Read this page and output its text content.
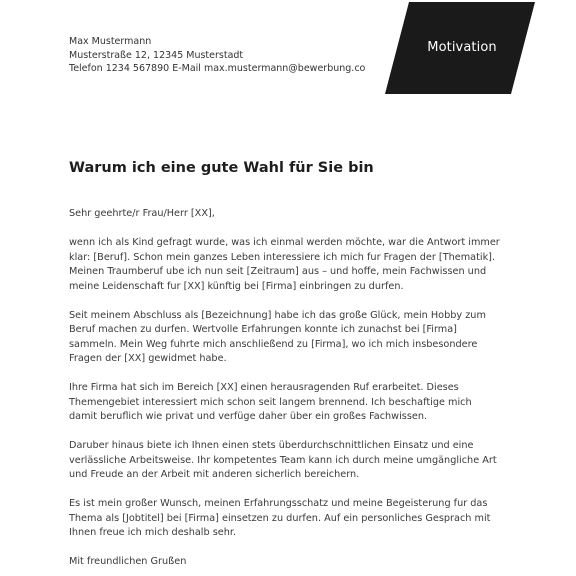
Max Mustermann
Musterstraße 12, 12345 Musterstadt
Telefon 1234 567890 E-Mail max.mustermann@bewerbung.co
Motivation
Warum ich eine gute Wahl für Sie bin

Sehr geehrte/r Frau/Herr [XX],

wenn ich als Kind gefragt wurde, was ich einmal werden möchte, war die Antwort immer
klar: [Beruf]. Schon mein ganzes Leben interessiere ich mich fur Fragen der [Thematik].
Meinen Traumberuf ube ich nun seit [Zeitraum] aus – und hoffe, mein Fachwissen und
meine Leidenschaft fur [XX] künftig bei [Firma] einbringen zu durfen.

Seit meinem Abschluss als [Bezeichnung] habe ich das große Glück, mein Hobby zum
Beruf machen zu durfen. Wertvolle Erfahrungen konnte ich zunachst bei [Firma]
sammeln. Mein Weg fuhrte mich anschließend zu [Firma], wo ich mich insbesondere
Fragen der [XX] gewidmet habe.

Ihre Firma hat sich im Bereich [XX] einen herausragenden Ruf erarbeitet. Dieses
Themengebiet interessiert mich schon seit langem brennend. Ich beschaftige mich
damit beruflich wie privat und verfüge daher über ein großes Fachwissen.

Daruber hinaus biete ich Ihnen einen stets überdurchschnittlichen Einsatz und eine
verlässliche Arbeitsweise. Ihr kompetentes Team kann ich durch meine umgängliche Art
und Freude an der Arbeit mit anderen sicherlich bereichern.

Es ist mein großer Wunsch, meinen Erfahrungsschatz und meine Begeisterung fur das
Thema als [Jobtitel] bei [Firma] einsetzen zu durfen. Auf ein personliches Gesprach mit
Ihnen freue ich mich deshalb sehr.

Mit freundlichen Grußen
